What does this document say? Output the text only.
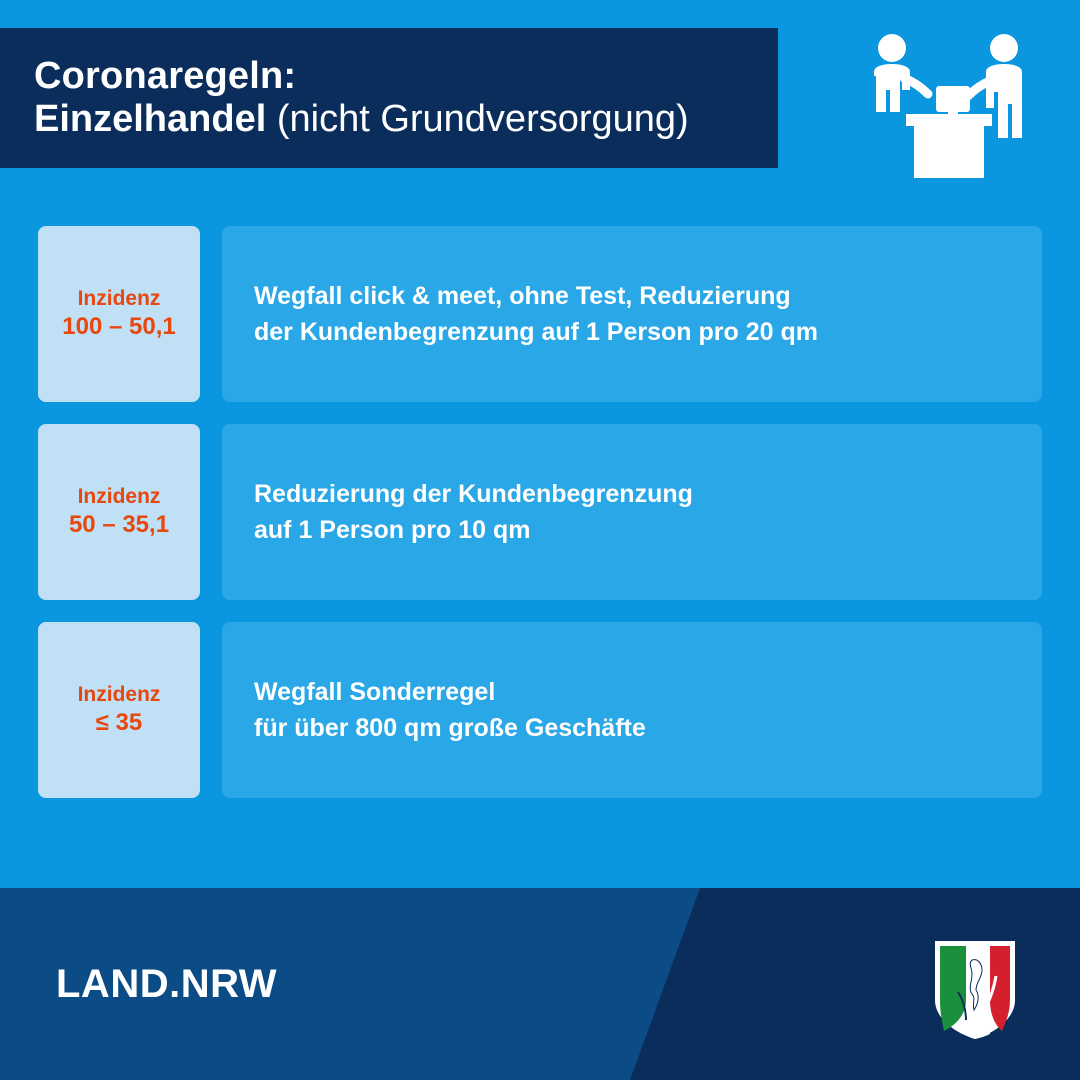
Coronaregeln:
Einzelhandel (nicht Grundversorgung)
Inzidenz
100 – 50,1
Wegfall click & meet, ohne Test, Reduzierung
der Kundenbegrenzung auf 1 Person pro 20 qm
Inzidenz
50 – 35,1
Reduzierung der Kundenbegrenzung
auf 1 Person pro 10 qm
Inzidenz
≤ 35
Wegfall Sonderregel
für über 800 qm große Geschäfte
LAND.NRW
